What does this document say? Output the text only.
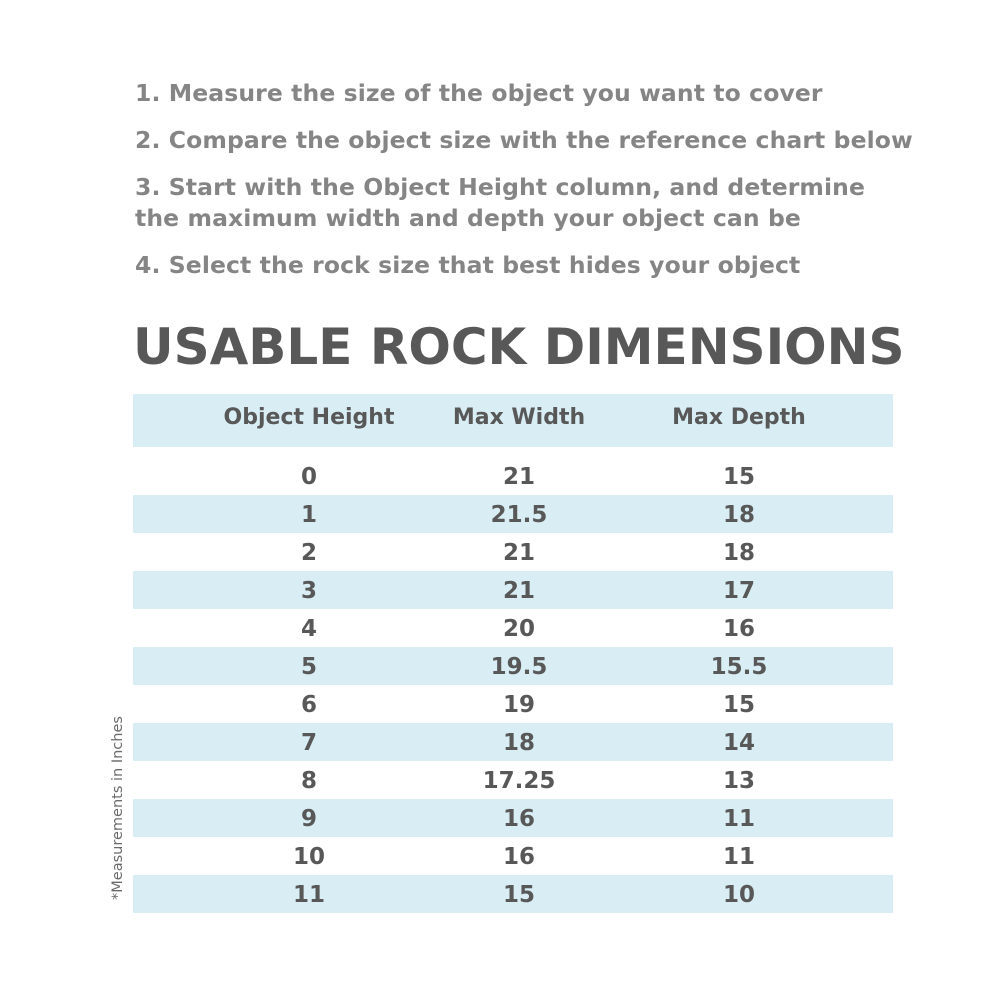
1. Measure the size of the object you want to cover
2. Compare the object size with the reference chart below
3. Start with the Object Height column, and determine the maximum width and depth your object can be
4. Select the rock size that best hides your object
USABLE ROCK DIMENSIONS
Object Height	Max Width	Max Depth
0	21	15
1	21.5	18
2	21	18
3	21	17
4	20	16
5	19.5	15.5
6	19	15
7	18	14
8	17.25	13
9	16	11
10	16	11
11	15	10
*Measurements in Inches
